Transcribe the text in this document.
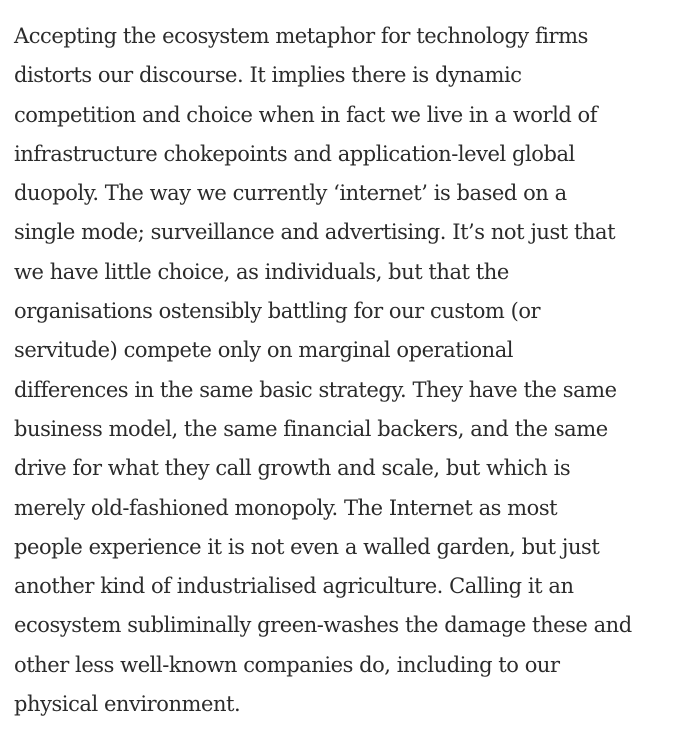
Accepting the ecosystem metaphor for technology firms
distorts our discourse. It implies there is dynamic
competition and choice when in fact we live in a world of
infrastructure chokepoints and application-level global
duopoly. The way we currently ‘internet’ is based on a
single mode; surveillance and advertising. It’s not just that
we have little choice, as individuals, but that the
organisations ostensibly battling for our custom (or
servitude) compete only on marginal operational
differences in the same basic strategy. They have the same
business model, the same financial backers, and the same
drive for what they call growth and scale, but which is
merely old-fashioned monopoly. The Internet as most
people experience it is not even a walled garden, but just
another kind of industrialised agriculture. Calling it an
ecosystem subliminally green-washes the damage these and
other less well-known companies do, including to our
physical environment.
